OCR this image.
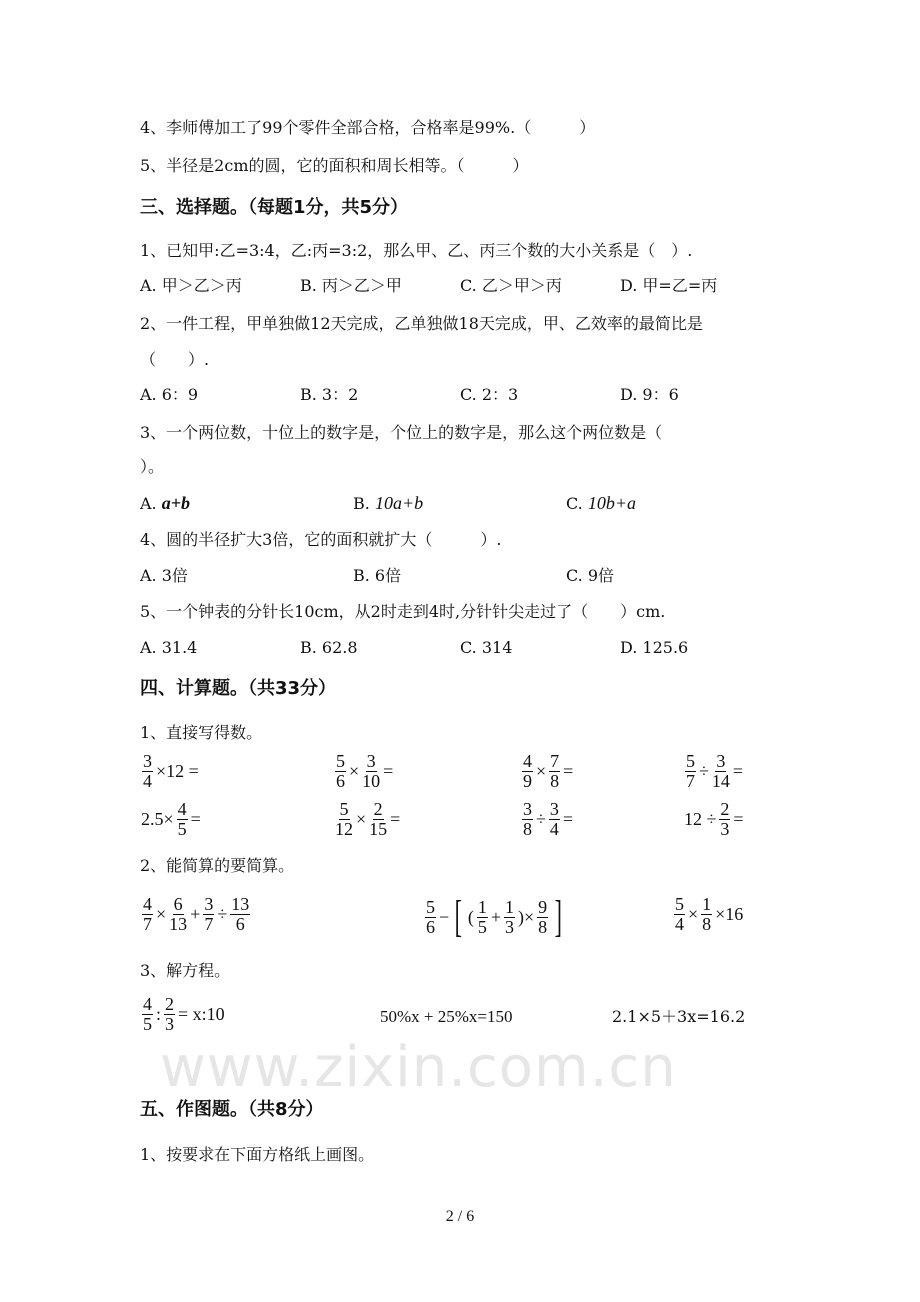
www.zixin.com.cn
4、李师傅加工了99个零件全部合格，合格率是99%.（　　　）
5、半径是2cm的圆，它的面积和周长相等。（　　　）
三、选择题。（每题1分，共5分）
1、已知甲:乙=3:4，乙:丙=3:2，那么甲、乙、丙三个数的大小关系是（　）.
A. 甲＞乙＞丙	B. 丙＞乙＞甲	C. 乙＞甲＞丙	D. 甲=乙=丙
2、一件工程，甲单独做12天完成，乙单独做18天完成，甲、乙效率的最简比是
（　　）.
A. 6：9	B. 3：2	C. 2：3	D. 9：6
3、一个两位数，十位上的数字是，个位上的数字是，那么这个两位数是（
）。
A. a+b	B. 10a+b	C. 10b+a
4、圆的半径扩大3倍，它的面积就扩大（　　　）.
A. 3倍	B. 6倍	C. 9倍
5、一个钟表的分针长10cm，从2时走到4时,分针针尖走过了（　　）cm.
A. 31.4	B. 62.8	C. 314	D. 125.6
四、计算题。（共33分）
1、直接写得数。
2、能简算的要简算。
3、解方程。
$\frac{4}{5}$ : $\frac{2}{3}$ = x:10	50%x + 25%x=150	2.1×5＋3x=16.2
五、作图题。（共8分）
1、按要求在下面方格纸上画图。
2 / 6
$\frac{3}{4} \times 12$ =	$\frac{5}{6} \times \frac{3}{10}$ =	$\frac{4}{9} \times \frac{7}{8}$ =	$\frac{5}{7} \div \frac{3}{14}$ =
$2.5\times \frac{4}{5}$ =	$\frac{5}{12} \times \frac{2}{15}$ =	$\frac{3}{8} \div \frac{3}{4}$ =	$12 \div \frac{2}{3}$ =
$\frac{4}{7} \times \frac{6}{13} + \frac{3}{7} \div \frac{13}{6}$	$\frac{5}{6}$ − [ ( $\frac{1}{5} + \frac{1}{3}$ )× $\frac{9}{8}$ ]	$\frac{5}{4} \times \frac{1}{8} \times 16$
